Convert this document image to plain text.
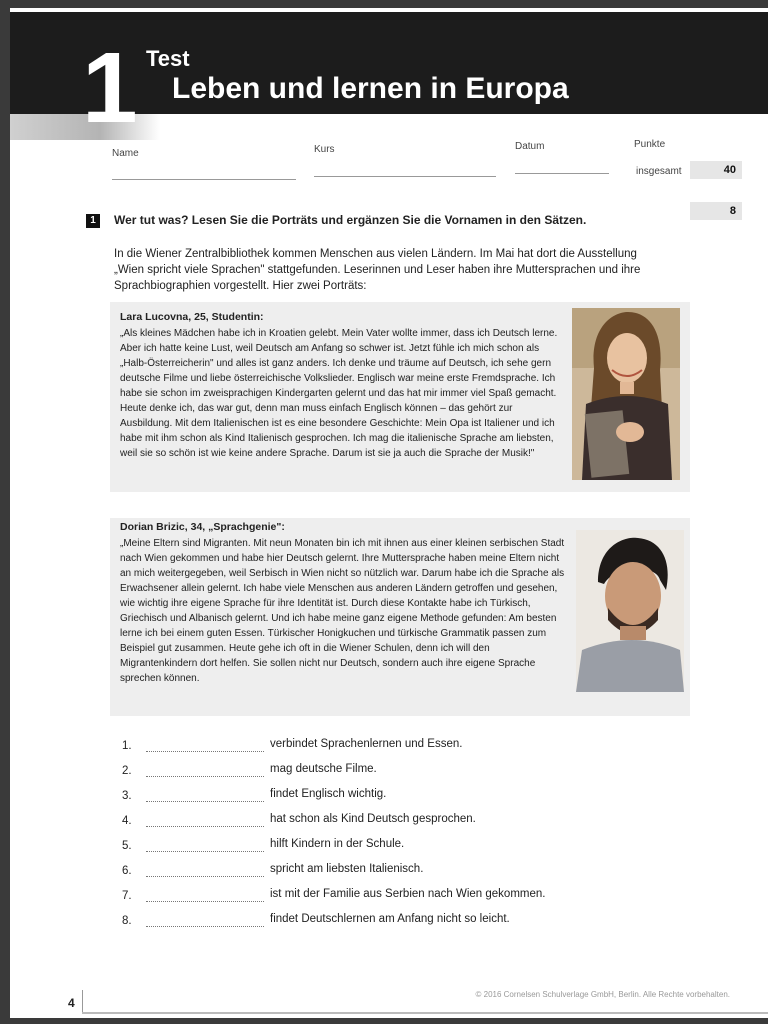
1 Test
Leben und lernen in Europa
Name	Kurs	Datum	Punkte
insgesamt	40
1	Wer tut was? Lesen Sie die Porträts und ergänzen Sie die Vornamen in den Sätzen.
8
In die Wiener Zentralbibliothek kommen Menschen aus vielen Ländern. Im Mai hat dort die Ausstellung „Wien spricht viele Sprachen" stattgefunden. Leserinnen und Leser haben ihre Muttersprachen und ihre Sprachbiographien vorgestellt. Hier zwei Porträts:
Lara Lucovna, 25, Studentin:
„Als kleines Mädchen habe ich in Kroatien gelebt. Mein Vater wollte immer, dass ich Deutsch lerne. Aber ich hatte keine Lust, weil Deutsch am Anfang so schwer ist. Jetzt fühle ich mich schon als „Halb-Österreicherin" und alles ist ganz anders. Ich denke und träume auf Deutsch, ich sehe gern deutsche Filme und liebe österreichische Volkslieder. Englisch war meine erste Fremdsprache. Ich habe sie schon im zweisprachigen Kindergarten gelernt und das hat mir immer viel Spaß gemacht. Heute denke ich, das war gut, denn man muss einfach Englisch können – das gehört zur Ausbildung. Mit dem Italienischen ist es eine besondere Geschichte: Mein Opa ist Italiener und ich habe mit ihm schon als Kind Italienisch gesprochen. Ich mag die italienische Sprache am liebsten, weil sie so schön ist wie keine andere Sprache. Darum ist sie ja auch die Sprache der Musik!"
Dorian Brizic, 34, „Sprachgenie":
„Meine Eltern sind Migranten. Mit neun Monaten bin ich mit ihnen aus einer kleinen serbischen Stadt nach Wien gekommen und habe hier Deutsch gelernt. Ihre Muttersprache haben meine Eltern nicht an mich weitergegeben, weil Serbisch in Wien nicht so nützlich war. Darum habe ich die Sprache als Erwachsener allein gelernt. Ich habe viele Menschen aus anderen Ländern getroffen und gesehen, wie wichtig ihre eigene Sprache für ihre Identität ist. Durch diese Kontakte habe ich Türkisch, Griechisch und Albanisch gelernt. Und ich habe meine ganz eigene Methode gefunden: Am besten lerne ich bei einem guten Essen. Türkischer Honigkuchen und türkische Grammatik passen zum Beispiel gut zusammen. Heute gehe ich oft in die Wiener Schulen, denn ich will den Migrantenkindern dort helfen. Sie sollen nicht nur Deutsch, sondern auch ihre eigene Sprache sprechen können.
1.	verbindet Sprachenlernen und Essen.
2.	mag deutsche Filme.
3.	findet Englisch wichtig.
4.	hat schon als Kind Deutsch gesprochen.
5.	hilft Kindern in der Schule.
6.	spricht am liebsten Italienisch.
7.	ist mit der Familie aus Serbien nach Wien gekommen.
8.	findet Deutschlernen am Anfang nicht so leicht.
4
© 2016 Cornelsen Schulverlage GmbH, Berlin. Alle Rechte vorbehalten.
